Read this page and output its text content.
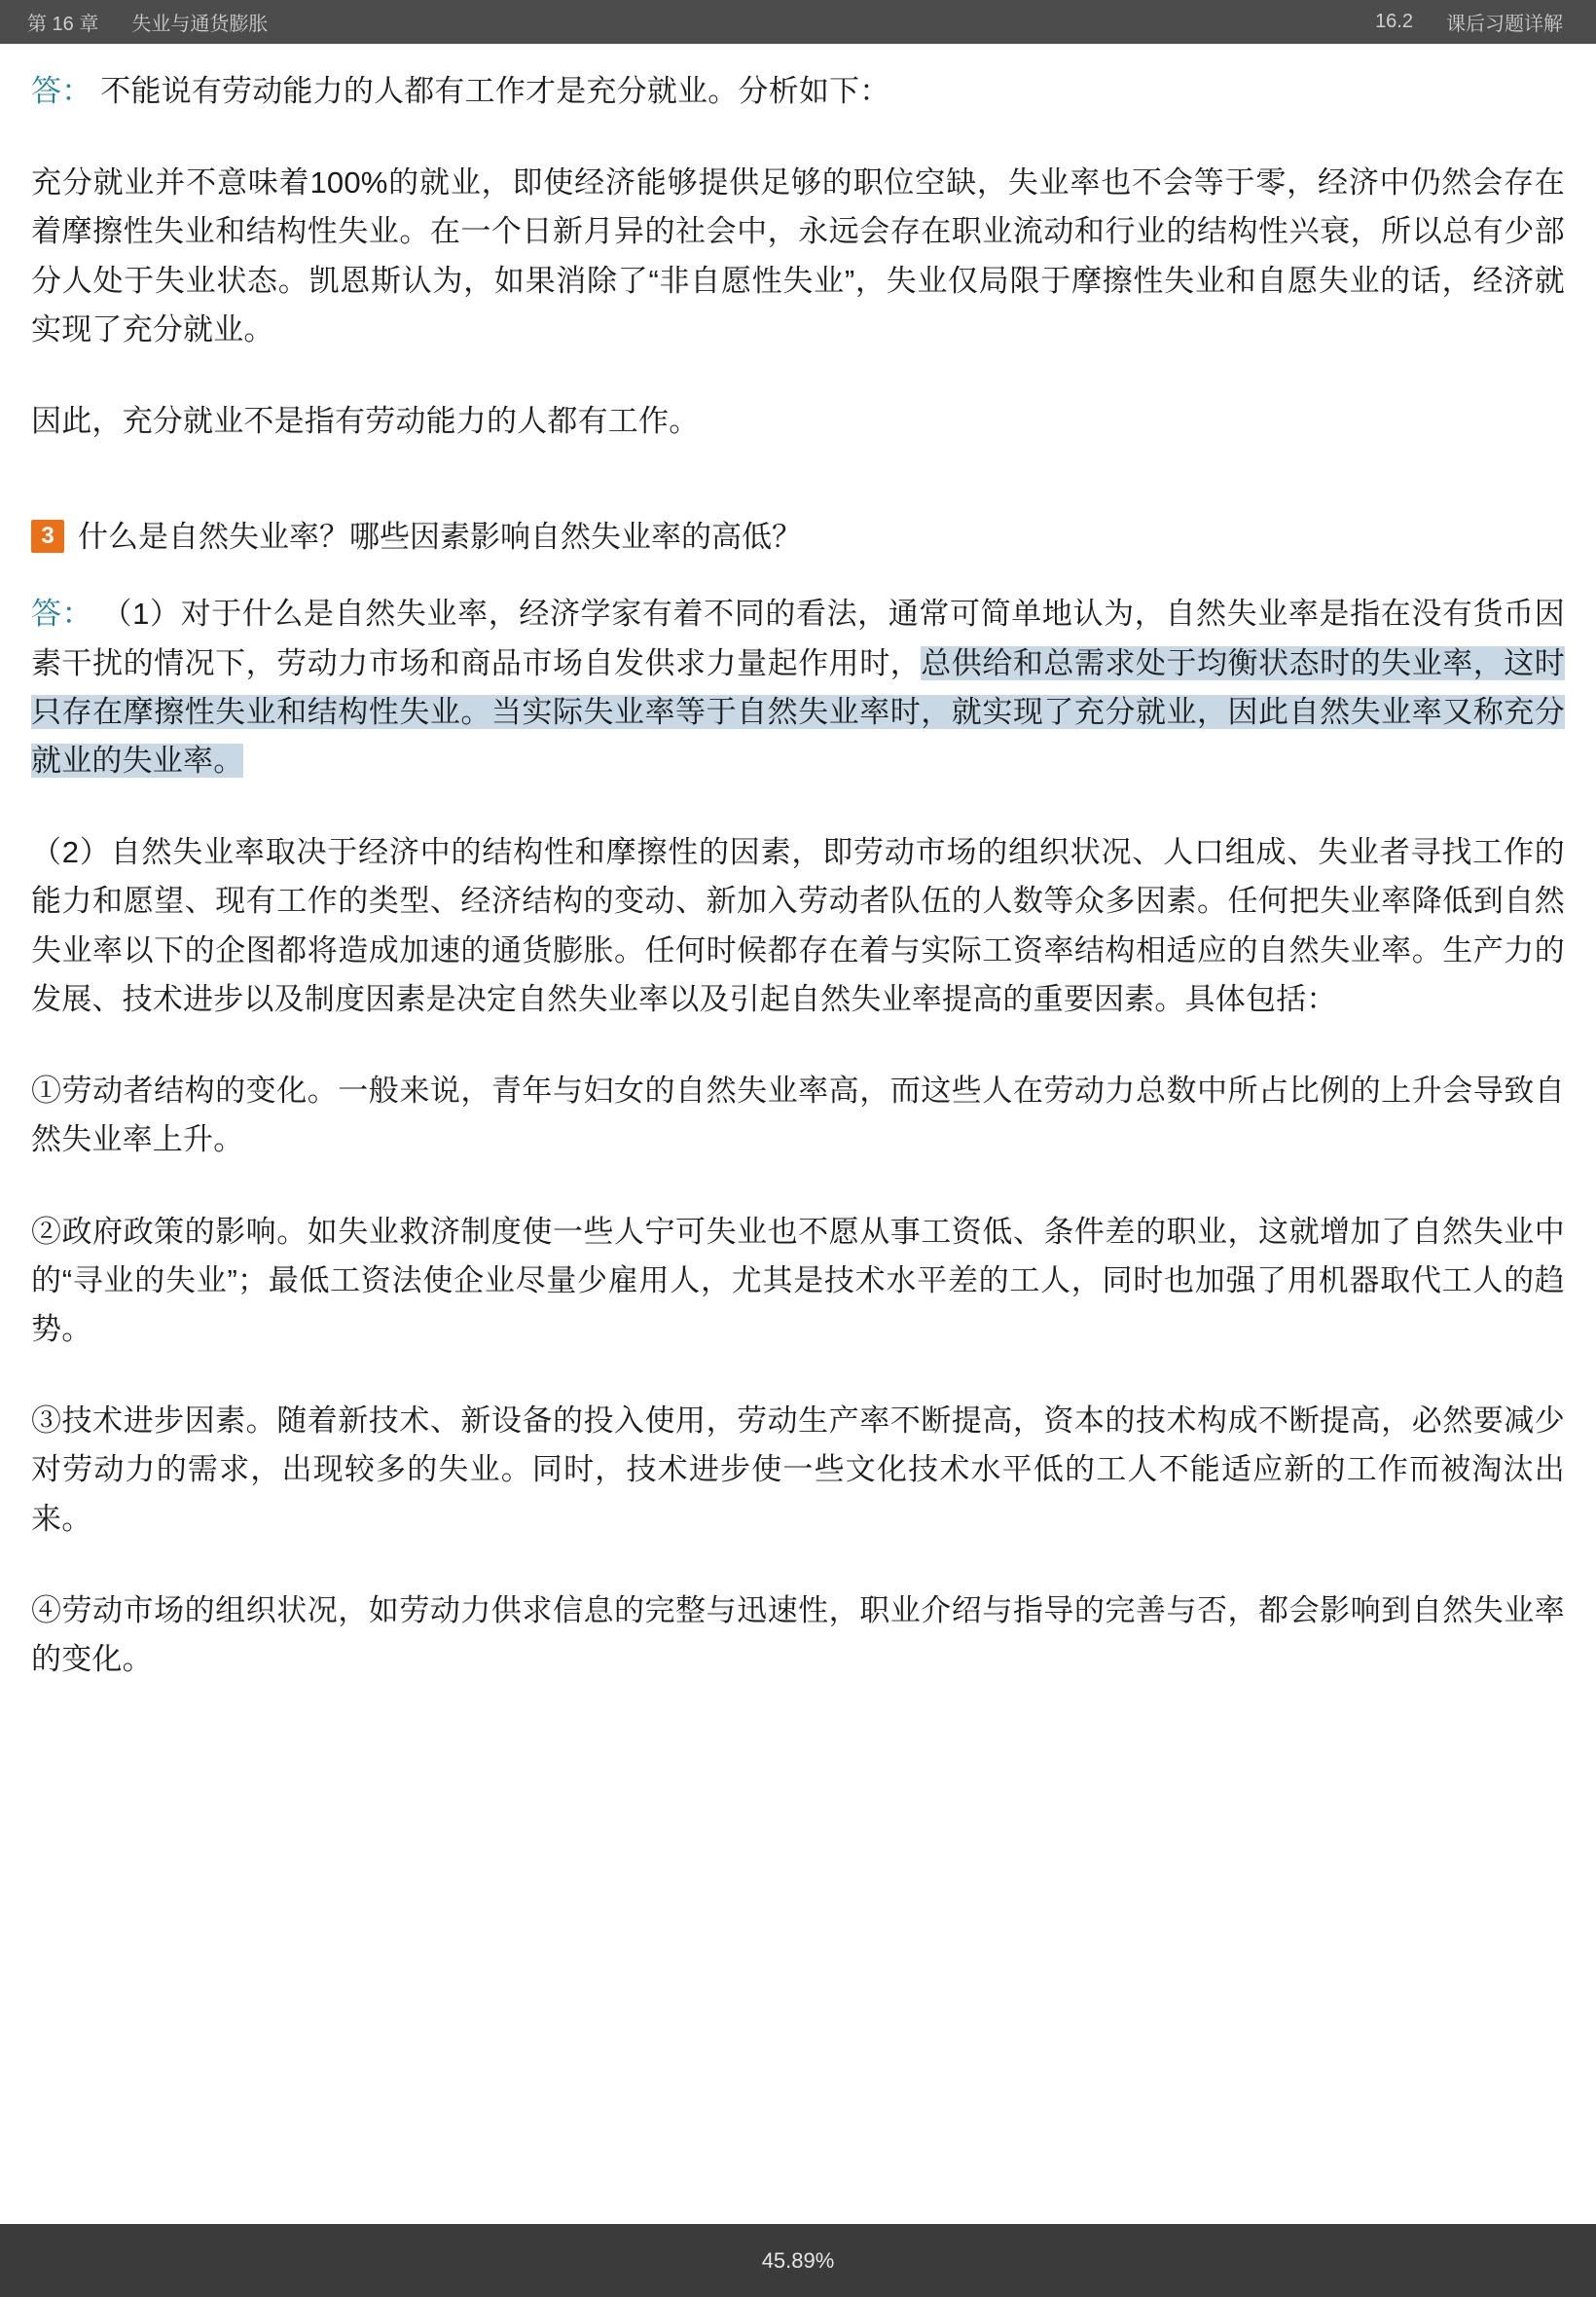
第 16 章 失业与通货膨胀	16.2 课后习题详解

答： 不能说有劳动能力的人都有工作才是充分就业。分析如下：

充分就业并不意味着100%的就业，即使经济能够提供足够的职位空缺，失业率也不会等于零，经济中仍然会存在着摩擦性失业和结构性失业。在一个日新月异的社会中，永远会存在职业流动和行业的结构性兴衰，所以总有少部分人处于失业状态。凯恩斯认为，如果消除了“非自愿性失业”，失业仅局限于摩擦性失业和自愿失业的话，经济就实现了充分就业。

因此，充分就业不是指有劳动能力的人都有工作。

3 什么是自然失业率？哪些因素影响自然失业率的高低？

答： （1）对于什么是自然失业率，经济学家有着不同的看法，通常可简单地认为，自然失业率是指在没有货币因素干扰的情况下，劳动力市场和商品市场自发供求力量起作用时，总供给和总需求处于均衡状态时的失业率，这时只存在摩擦性失业和结构性失业。当实际失业率等于自然失业率时，就实现了充分就业，因此自然失业率又称充分就业的失业率。

（2）自然失业率取决于经济中的结构性和摩擦性的因素，即劳动市场的组织状况、人口组成、失业者寻找工作的能力和愿望、现有工作的类型、经济结构的变动、新加入劳动者队伍的人数等众多因素。任何把失业率降低到自然失业率以下的企图都将造成加速的通货膨胀。任何时候都存在着与实际工资率结构相适应的自然失业率。生产力的发展、技术进步以及制度因素是决定自然失业率以及引起自然失业率提高的重要因素。具体包括：

①劳动者结构的变化。一般来说，青年与妇女的自然失业率高，而这些人在劳动力总数中所占比例的上升会导致自然失业率上升。

②政府政策的影响。如失业救济制度使一些人宁可失业也不愿从事工资低、条件差的职业，这就增加了自然失业中的“寻业的失业”；最低工资法使企业尽量少雇用人，尤其是技术水平差的工人，同时也加强了用机器取代工人的趋势。

③技术进步因素。随着新技术、新设备的投入使用，劳动生产率不断提高，资本的技术构成不断提高，必然要减少对劳动力的需求，出现较多的失业。同时，技术进步使一些文化技术水平低的工人不能适应新的工作而被淘汰出来。

④劳动市场的组织状况，如劳动力供求信息的完整与迅速性，职业介绍与指导的完善与否，都会影响到自然失业率的变化。

45.89%
